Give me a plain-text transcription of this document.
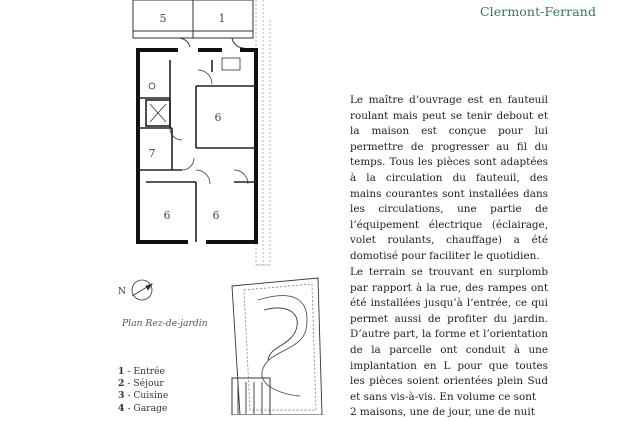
Clermont-Ferrand
5	1
6
7
6	6
N
Plan Rez-de-jardin
1 - Entrée
2 - Séjour
3 - Cuisine
4 - Garage

Le maître d’ouvrage est en fauteuil roulant mais peut se tenir debout et la maison est conçue pour lui permettre de progresser au fil du temps. Tous les pièces sont adaptées à la circulation du fauteuil, des mains courantes sont installées dans les circulations, une partie de l’équipement électrique (éclairage, volet roulants, chauffage) a été domotisé pour faciliter le quotidien.

Le terrain se trouvant en surplomb par rapport à la rue, des rampes ont été installées jusqu’à l’entrée, ce qui permet aussi de profiter du jardin. D’autre part, la forme et l’orientation de la parcelle ont conduit à une implantation en L pour que toutes les pièces soient orientées plein Sud et sans vis-à-vis. En volume ce sont

2 maisons, une de jour, une de nuit
